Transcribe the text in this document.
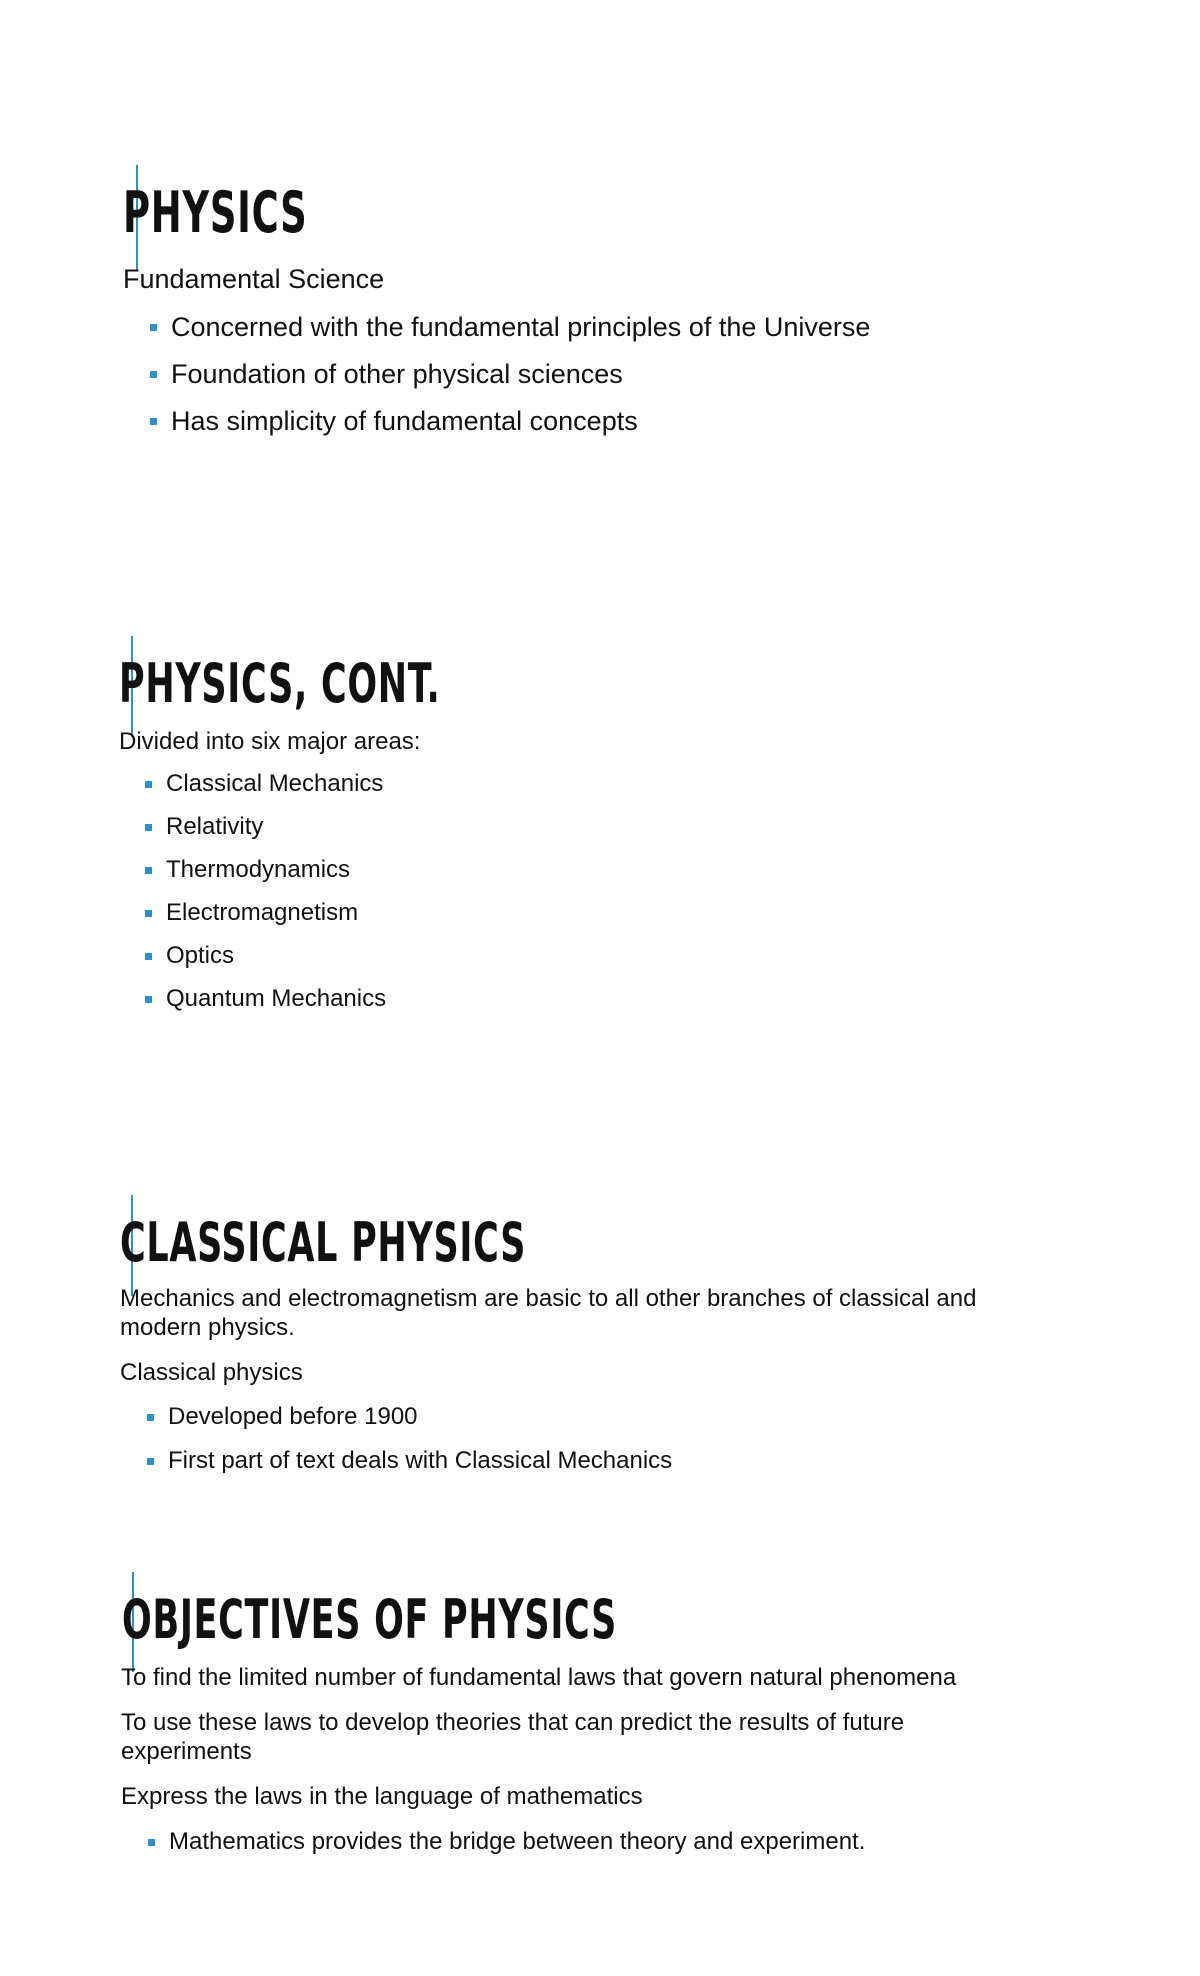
PHYSICS

Fundamental Science

Concerned with the fundamental principles of the Universe
Foundation of other physical sciences
Has simplicity of fundamental concepts
PHYSICS, CONT.

Divided into six major areas:

Classical Mechanics
Relativity
Thermodynamics
Electromagnetism
Optics
Quantum Mechanics
CLASSICAL PHYSICS

Mechanics and electromagnetism are basic to all other branches of classical and modern physics.

Classical physics

Developed before 1900
First part of text deals with Classical Mechanics
OBJECTIVES OF PHYSICS

To find the limited number of fundamental laws that govern natural phenomena

To use these laws to develop theories that can predict the results of future experiments

Express the laws in the language of mathematics

Mathematics provides the bridge between theory and experiment.
